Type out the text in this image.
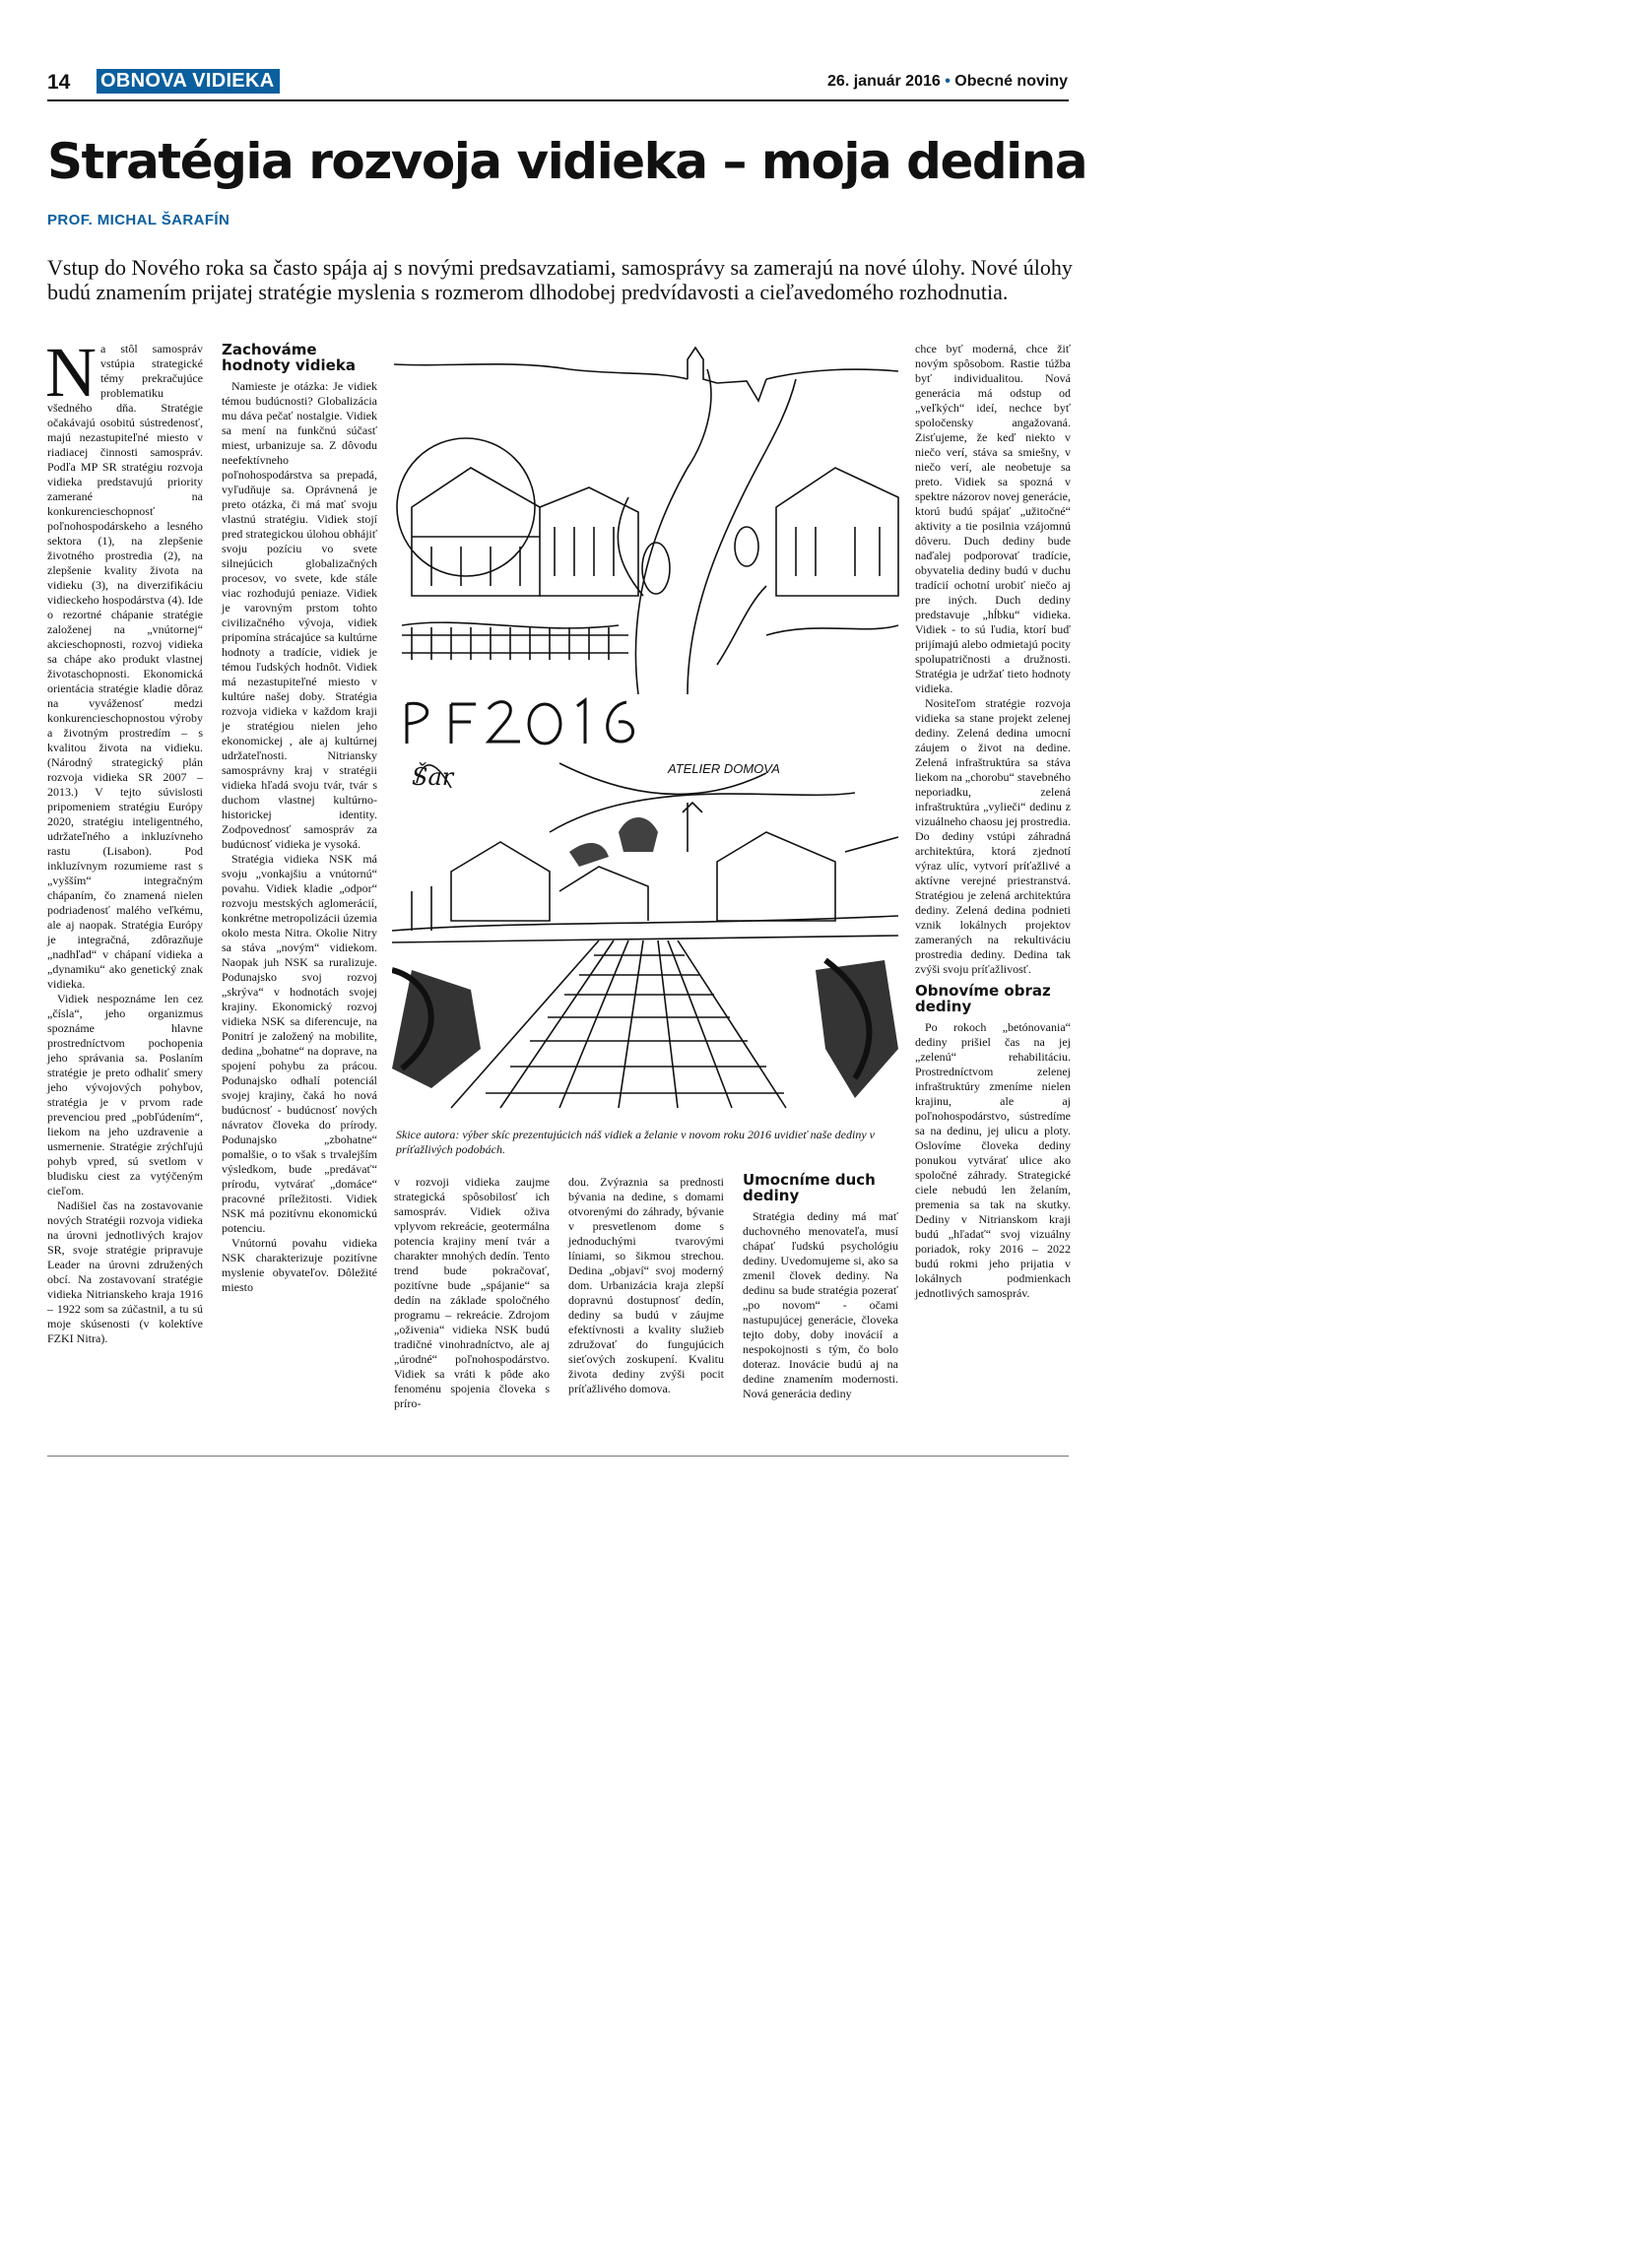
14 OBNOVA VIDIEKA	26. január 2016 • Obecné noviny
Stratégia rozvoja vidieka – moja dedina
PROF. MICHAL ŠARAFÍN
Vstup do Nového roka sa často spája aj s novými predsavzatiami, samosprávy sa zamerajú na nové úlohy. Nové úlohy budú znamením prijatej stratégie myslenia s rozmerom dlhodobej predvídavosti a cieľavedomého rozhodnutia.

Na stôl samospráv vstúpia strategické témy prekračujúce problematiku všedného dňa. Stratégie očakávajú osobitú sústredenosť, majú nezastupiteľné miesto v riadiacej činnosti samospráv. Podľa MP SR stratégiu rozvoja vidieka predstavujú priority zamerané na konkurencieschopnosť poľnohospodárskeho a lesného sektora (1), na zlepšenie životného prostredia (2), na zlepšenie kvality života na vidieku (3), na diverzifikáciu vidieckeho hospodárstva (4). Ide o rezortné chápanie stratégie založenej na „vnútornej“ akcieschopnosti, rozvoj vidieka sa chápe ako produkt vlastnej životaschopnosti. Ekonomická orientácia stratégie kladie dôraz na vyváženosť medzi konkurencieschopnostou výroby a životným prostredím – s kvalitou života na vidieku. (Národný strategický plán rozvoja vidieka SR 2007 – 2013.) V tejto súvislosti pripomeniem stratégiu Európy 2020, stratégiu inteligentného, udržateľného a inkluzívneho rastu (Lisabon). Pod inkluzívnym rozumieme rast s „vyšším“ integračným chápaním, čo znamená nielen podriadenosť malého veľkému, ale aj naopak. Stratégia Európy je integračná, zdôrazňuje „nadhľad“ v chápaní vidieka a „dynamiku“ ako genetický znak vidieka.

Vidiek nespoznáme len cez „čísla“, jeho organizmus spoznáme hlavne prostredníctvom pochopenia jeho správania sa. Poslaním stratégie je preto odhaliť smery jeho vývojových pohybov, stratégia je v prvom rade prevenciou pred „pobľúdením“, liekom na jeho uzdravenie a usmernenie. Stratégie zrýchľujú pohyb vpred, sú svetlom v bludisku ciest za vytýčeným cieľom.

Nadišiel čas na zostavovanie nových Stratégii rozvoja vidieka na úrovni jednotlivých krajov SR, svoje stratégie pripravuje Leader na úrovni združených obcí. Na zostavovaní stratégie vidieka Nitrianskeho kraja 1916 – 1922 som sa zúčastnil, a tu sú moje skúsenosti (v kolektíve FZKI Nitra).

Zachováme hodnoty vidieka

Namieste je otázka: Je vidiek témou budúcnosti? Globalizácia mu dáva pečať nostalgie. Vidiek sa mení na funkčnú súčasť miest, urbanizuje sa. Z dôvodu neefektívneho poľnohospodárstva sa prepadá, vyľudňuje sa. Oprávnená je preto otázka, či má mať svoju vlastnú stratégiu. Vidiek stojí pred strategickou úlohou obhájiť svoju pozíciu vo svete silnejúcich globalizačných procesov, vo svete, kde stále viac rozhodujú peniaze. Vidiek je varovným prstom tohto civilizačného vývoja, vidiek pripomína strácajúce sa kultúrne hodnoty a tradície, vidiek je témou ľudských hodnôt. Vidiek má nezastupiteľné miesto v kultúre našej doby. Stratégia rozvoja vidieka v každom kraji je stratégiou nielen jeho ekonomickej , ale aj kultúrnej udržateľnosti. Nitriansky samosprávny kraj v stratégii vidieka hľadá svoju tvár, tvár s duchom vlastnej kultúrno-historickej identity. Zodpovednosť samospráv za budúcnosť vidieka je vysoká.

Stratégia vidieka NSK má svoju „vonkajšiu a vnútornú“ povahu. Vidiek kladie „odpor“ rozvoju mestských aglomerácií, konkrétne metropolizácii územia okolo mesta Nitra. Okolie Nitry sa stáva „novým“ vidiekom. Naopak juh NSK sa ruralizuje. Podunajsko svoj rozvoj „skrýva“ v hodnotách svojej krajiny. Ekonomický rozvoj vidieka NSK sa diferencuje, na Ponitrí je založený na mobilite, dedina „bohatne“ na doprave, na spojení pohybu za prácou. Podunajsko odhalí potenciál svojej krajiny, čaká ho nová budúcnosť - budúcnosť nových návratov človeka do prírody. Podunajsko „zbohatne“ pomalšie, o to však s trvalejším výsledkom, bude „predávať“ prírodu, vytvárať „domáce“ pracovné príležitosti. Vidiek NSK má pozitívnu ekonomickú potenciu.

Vnútornú povahu vidieka NSK charakterizuje pozitívne myslenie obyvateľov. Dôležité miesto

ATELIER DOMOVA
Šar
PF2016
Skice autora: výber skíc prezentujúcich náš vidiek a želanie v novom roku 2016 uvidieť naše dediny v príťažlivých podobách.

v rozvoji vidieka zaujme strategická spôsobilosť ich samospráv. Vidiek oživa vplyvom rekreácie, geotermálna potencia krajiny mení tvár a charakter mnohých dedín. Tento trend bude pokračovať, pozitívne bude „spájanie“ sa dedín na základe spoločného programu – rekreácie. Zdrojom „oživenia“ vidieka NSK budú tradičné vinohradníctvo, ale aj „úrodné“ poľnohospodárstvo. Vidiek sa vráti k pôde ako fenoménu spojenia človeka s príro-

dou. Zvýraznia sa prednosti bývania na dedine, s domami otvorenými do záhrady, bývanie v presvetlenom dome s jednoduchými tvarovými líniami, so šikmou strechou. Dedina „objaví“ svoj moderný dom. Urbanizácia kraja zlepší dopravnú dostupnosť dedín, dediny sa budú v záujme efektívnosti a kvality služieb združovať do fungujúcich sieťových zoskupení. Kvalitu života dediny zvýši pocit príťažlivého domova.

Umocníme duch dediny

Stratégia dediny má mať duchovného menovateľa, musí chápať ľudskú psychológiu dediny. Uvedomujeme si, ako sa zmenil človek dediny. Na dedinu sa bude stratégia pozerať „po novom“ - očami nastupujúcej generácie, človeka tejto doby, doby inovácií a nespokojnosti s tým, čo bolo doteraz. Inovácie budú aj na dedine znamením modernosti. Nová generácia dediny

chce byť moderná, chce žiť novým spôsobom. Rastie túžba byť individualitou. Nová generácia má odstup od „veľkých“ ideí, nechce byť spoločensky angažovaná. Zisťujeme, že keď niekto v niečo verí, stáva sa smiešny, v niečo verí, ale neobetuje sa preto. Vidiek sa spozná v spektre názorov novej generácie, ktorú budú spájať „užitočné“ aktivity a tie posilnia vzájomnú dôveru. Duch dediny bude naďalej podporovať tradície, obyvatelia dediny budú v duchu tradícií ochotní urobiť niečo aj pre iných. Duch dediny predstavuje „hĺbku“ vidieka. Vidiek - to sú ľudia, ktorí buď prijímajú alebo odmietajú pocity spolupatričnosti a družnosti. Stratégia je udržať tieto hodnoty vidieka.

Nositeľom stratégie rozvoja vidieka sa stane projekt zelenej dediny. Zelená dedina umocní záujem o život na dedine. Zelená infraštruktúra sa stáva liekom na „chorobu“ stavebného neporiadku, zelená infraštruktúra „vylieči“ dedinu z vizuálneho chaosu jej prostredia. Do dediny vstúpi záhradná architektúra, ktorá zjednotí výraz ulíc, vytvorí príťažlivé a aktívne verejné priestranstvá. Stratégiou je zelená architektúra dediny. Zelená dedina podnieti vznik lokálnych projektov zameraných na rekultiváciu prostredia dediny. Dedina tak zvýši svoju príťažlivosť.

Obnovíme obraz dediny

Po rokoch „betónovania“ dediny prišiel čas na jej „zelenú“ rehabilitáciu. Prostredníctvom zelenej infraštruktúry zmeníme nielen krajinu, ale aj poľnohospodárstvo, sústredíme sa na dedinu, jej ulicu a ploty. Oslovíme človeka dediny ponukou vytvárať ulice ako spoločné záhrady. Strategické ciele nebudú len želaním, premenia sa tak na skutky. Dediny v Nitrianskom kraji budú „hľadať“ svoj vizuálny poriadok, roky 2016 – 2022 budú rokmi jeho prijatia v lokálnych podmienkach jednotlivých samospráv.
